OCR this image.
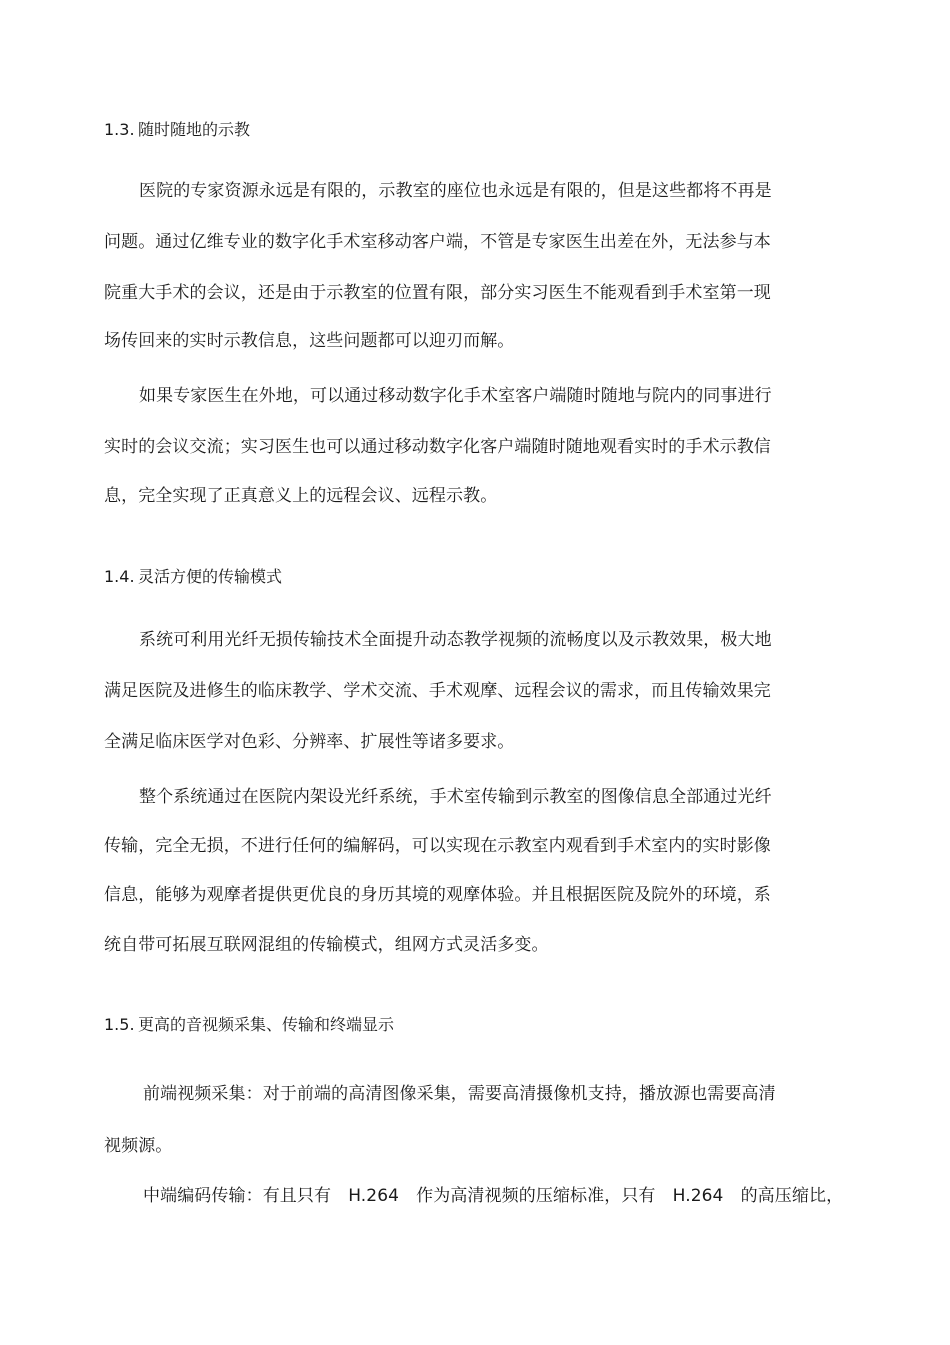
1.3. 随时随地的示教
医院的专家资源永远是有限的，示教室的座位也永远是有限的，但是这些都将不再是
问题。通过亿维专业的数字化手术室移动客户端，不管是专家医生出差在外，无法参与本
院重大手术的会议，还是由于示教室的位置有限，部分实习医生不能观看到手术室第一现
场传回来的实时示教信息，这些问题都可以迎刃而解。
如果专家医生在外地，可以通过移动数字化手术室客户端随时随地与院内的同事进行
实时的会议交流；实习医生也可以通过移动数字化客户端随时随地观看实时的手术示教信
息，完全实现了正真意义上的远程会议、远程示教。
1.4. 灵活方便的传输模式
系统可利用光纤无损传输技术全面提升动态教学视频的流畅度以及示教效果，极大地
满足医院及进修生的临床教学、学术交流、手术观摩、远程会议的需求，而且传输效果完
全满足临床医学对色彩、分辨率、扩展性等诸多要求。
整个系统通过在医院内架设光纤系统，手术室传输到示教室的图像信息全部通过光纤
传输，完全无损，不进行任何的编解码，可以实现在示教室内观看到手术室内的实时影像
信息，能够为观摩者提供更优良的身历其境的观摩体验。并且根据医院及院外的环境，系
统自带可拓展互联网混组的传输模式，组网方式灵活多变。
1.5. 更高的音视频采集、传输和终端显示
前端视频采集：对于前端的高清图像采集，需要高清摄像机支持，播放源也需要高清
视频源。
中端编码传输：有且只有　H.264　作为高清视频的压缩标准，只有　H.264　的高压缩比，
